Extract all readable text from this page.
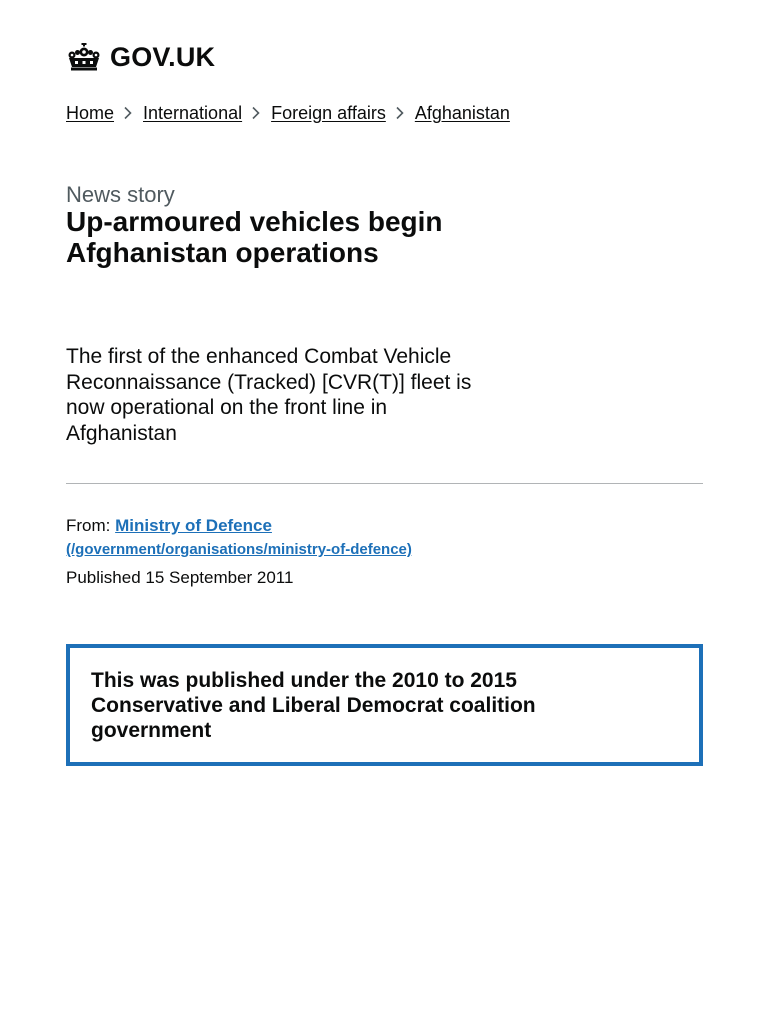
GOV.UK
Home International Foreign affairs Afghanistan
News story
Up-armoured vehicles begin Afghanistan operations

The first of the enhanced Combat Vehicle Reconnaissance (Tracked) [CVR(T)] fleet is now operational on the front line in Afghanistan

From: Ministry of Defence
(/government/organisations/ministry-of-defence)
Published 15 September 2011

This was published under the 2010 to 2015 Conservative and Liberal Democrat coalition government
